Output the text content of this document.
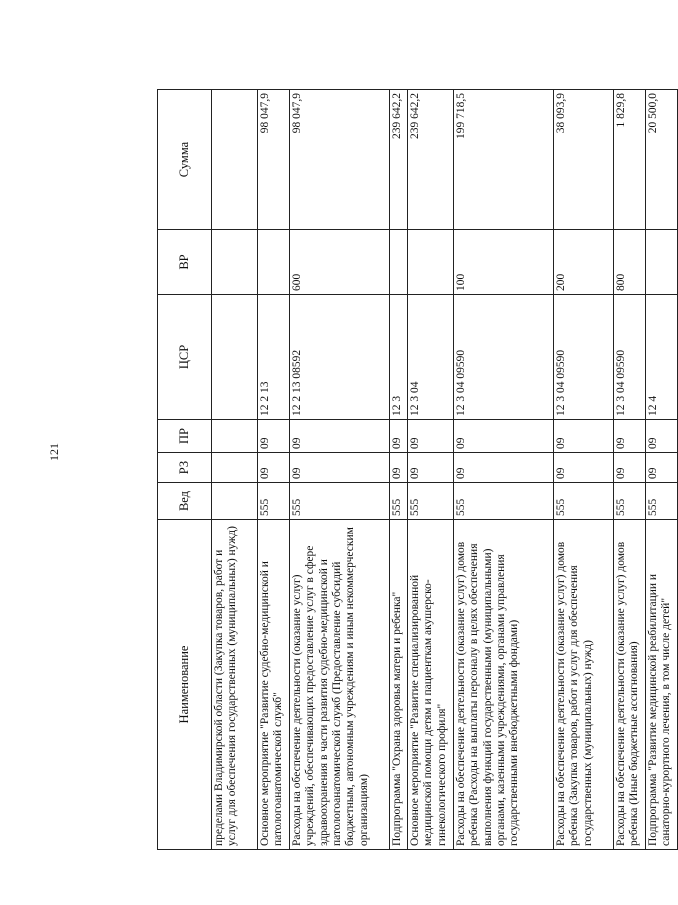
121
Наименование	Вед	РЗ	ПР	ЦСР	ВР	Сумма
пределами Владимирской области (Закупка товаров, работ и услуг для обеспечения государственных (муниципальных) нужд)						
Основное мероприятие "Развитие судебно-медицинской и патологоанатомической служб"	555	09	09	12 2 13		98 047,9
Расходы на обеспечение деятельности (оказание услуг) учреждений, обеспечивающих предоставление услуг в сфере здравоохранения в части развития судебно-медицинской и патологоанатомической служб (Предоставление субсидий бюджетным, автономным учреждениям и иным некоммерческим организациям)	555	09	09	12 2 13 08592	600	98 047,9
Подпрограмма "Охрана здоровья матери и ребенка"	555	09	09	12 3		239 642,2
Основное мероприятие "Развитие специализированной медицинской помощи детям и пациенткам акушерско-гинекологического профиля"	555	09	09	12 3 04		239 642,2
Расходы на обеспечение деятельности (оказание услуг) домов ребенка (Расходы на выплаты персоналу в целях обеспечения выполнения функций государственными (муниципальными) органами, казенными учреждениями, органами управления государственными внебюджетными фондами)	555	09	09	12 3 04 09590	100	199 718,5
Расходы на обеспечение деятельности (оказание услуг) домов ребенка (Закупка товаров, работ и услуг для обеспечения государственных (муниципальных) нужд)	555	09	09	12 3 04 09590	200	38 093,9
Расходы на обеспечение деятельности (оказание услуг) домов ребенка (Иные бюджетные ассигнования)	555	09	09	12 3 04 09590	800	1 829,8
Подпрограмма "Развитие медицинской реабилитации и санаторно-курортного лечения, в том числе детей"	555	09	09	12 4		20 500,0
